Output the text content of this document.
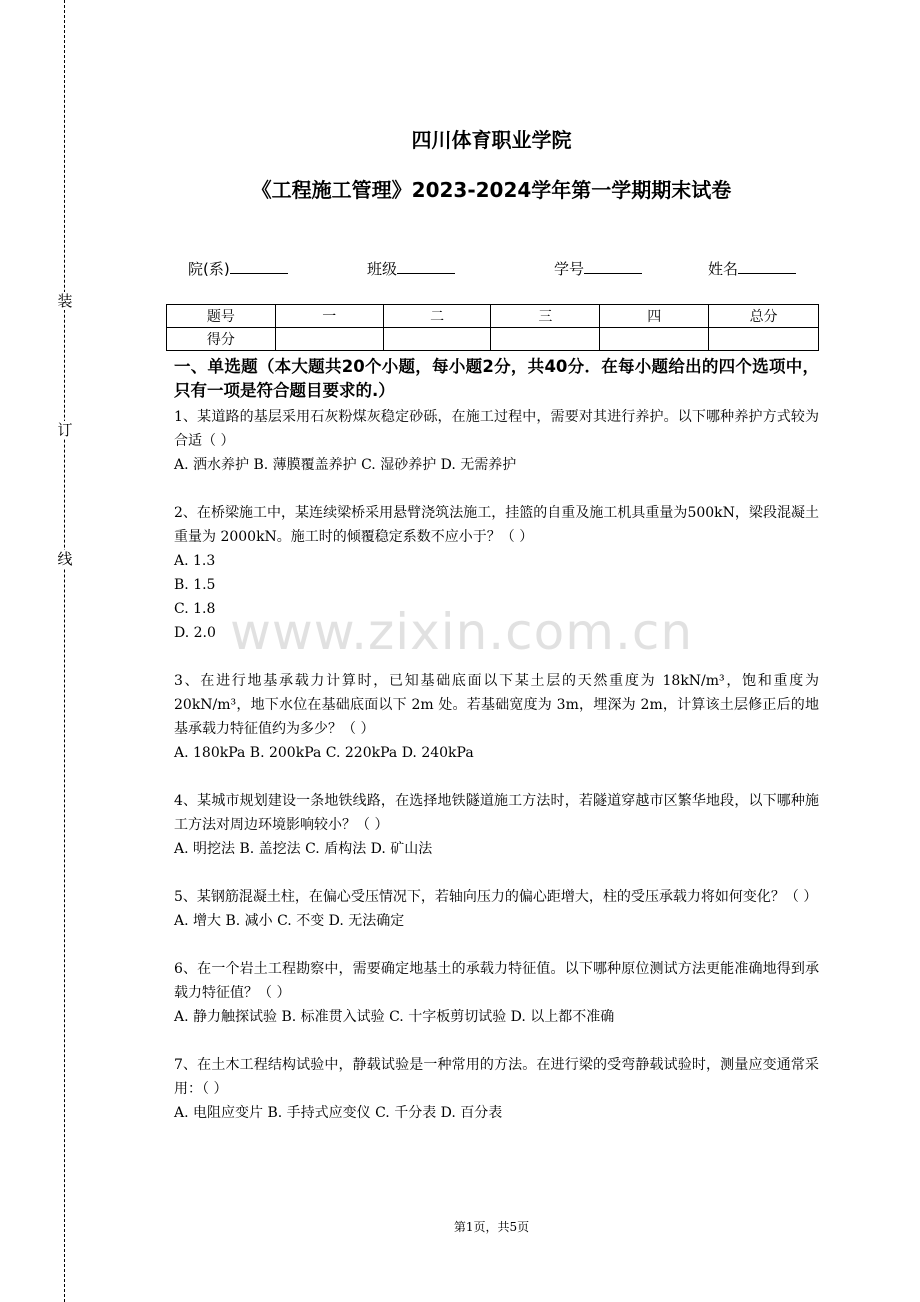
装
订
线
四川体育职业学院
《工程施工管理》2023-2024学年第一学期期末试卷
院(系)	班级	学号	姓名
题号	一	二	三	四	总分
得分					

一、单选题（本大题共20个小题，每小题2分，共40分．在每小题给出的四个选项中，只有一项是符合题目要求的.）

1、某道路的基层采用石灰粉煤灰稳定砂砾，在施工过程中，需要对其进行养护。以下哪种养护方式较为合适（ ）

A. 洒水养护 B. 薄膜覆盖养护 C. 湿砂养护 D. 无需养护

2、在桥梁施工中，某连续梁桥采用悬臂浇筑法施工，挂篮的自重及施工机具重量为500kN，梁段混凝土重量为 2000kN。施工时的倾覆稳定系数不应小于？（ ）

A. 1.3

B. 1.5

C. 1.8

D. 2.0

3、在进行地基承载力计算时，已知基础底面以下某土层的天然重度为 18kN/m³，饱和重度为 20kN/m³，地下水位在基础底面以下 2m 处。若基础宽度为 3m，埋深为 2m，计算该土层修正后的地基承载力特征值约为多少？（ ）

A. 180kPa B. 200kPa C. 220kPa D. 240kPa

4、某城市规划建设一条地铁线路，在选择地铁隧道施工方法时，若隧道穿越市区繁华地段，以下哪种施工方法对周边环境影响较小？（ ）

A. 明挖法 B. 盖挖法 C. 盾构法 D. 矿山法

5、某钢筋混凝土柱，在偏心受压情况下，若轴向压力的偏心距增大，柱的受压承载力将如何变化？（ ）

A. 增大 B. 减小 C. 不变 D. 无法确定

6、在一个岩土工程勘察中，需要确定地基土的承载力特征值。以下哪种原位测试方法更能准确地得到承载力特征值？（ ）

A. 静力触探试验 B. 标准贯入试验 C. 十字板剪切试验 D. 以上都不准确

7、在土木工程结构试验中，静载试验是一种常用的方法。在进行梁的受弯静载试验时，测量应变通常采用：（ ）

A. 电阻应变片 B. 手持式应变仪 C. 千分表 D. 百分表

www.zixin.com.cn
第1页，共5页
